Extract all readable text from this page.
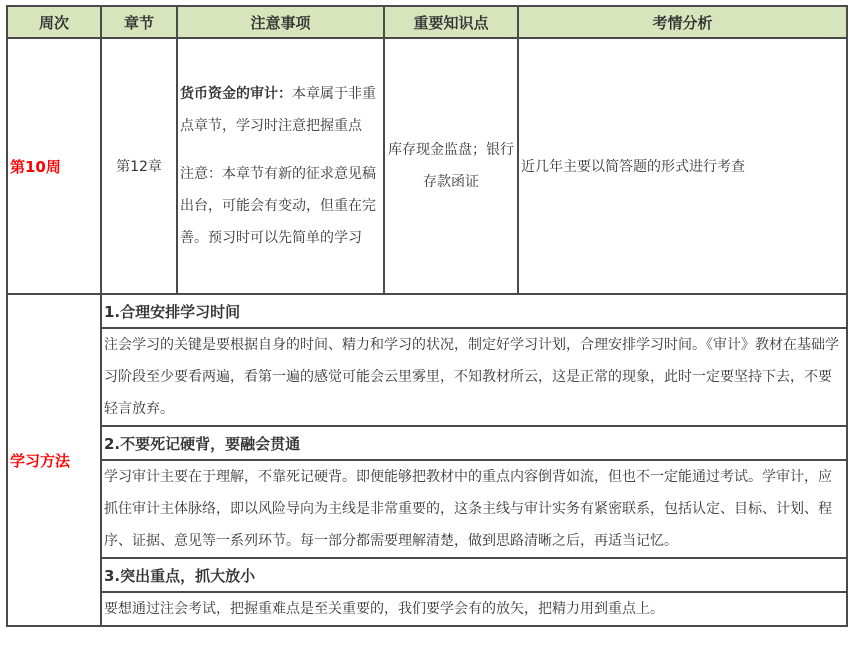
周次	章节	注意事项	重要知识点	考情分析
第10周	第12章	货币资金的审计：本章属于非重点章节，学习时注意把握重点

注意：本章节有新的征求意见稿出台，可能会有变动，但重在完善。预习时可以先简单的学习	库存现金监盘；银行存款函证	近几年主要以简答题的形式进行考查
学习方法	1.合理安排学习时间			
	注会学习的关键是要根据自身的时间、精力和学习的状况，制定好学习计划，合理安排学习时间。《审计》教材在基础学习阶段至少要看两遍，看第一遍的感觉可能会云里雾里，不知教材所云，这是正常的现象，此时一定要坚持下去，不要轻言放弃。			
	2.不要死记硬背，要融会贯通			
	学习审计主要在于理解，不靠死记硬背。即便能够把教材中的重点内容倒背如流，但也不一定能通过考试。学审计，应抓住审计主体脉络，即以风险导向为主线是非常重要的，这条主线与审计实务有紧密联系，包括认定、目标、计划、程序、证据、意见等一系列环节。每一部分都需要理解清楚，做到思路清晰之后，再适当记忆。			
	3.突出重点，抓大放小			
	要想通过注会考试，把握重难点是至关重要的，我们要学会有的放矢，把精力用到重点上。			
